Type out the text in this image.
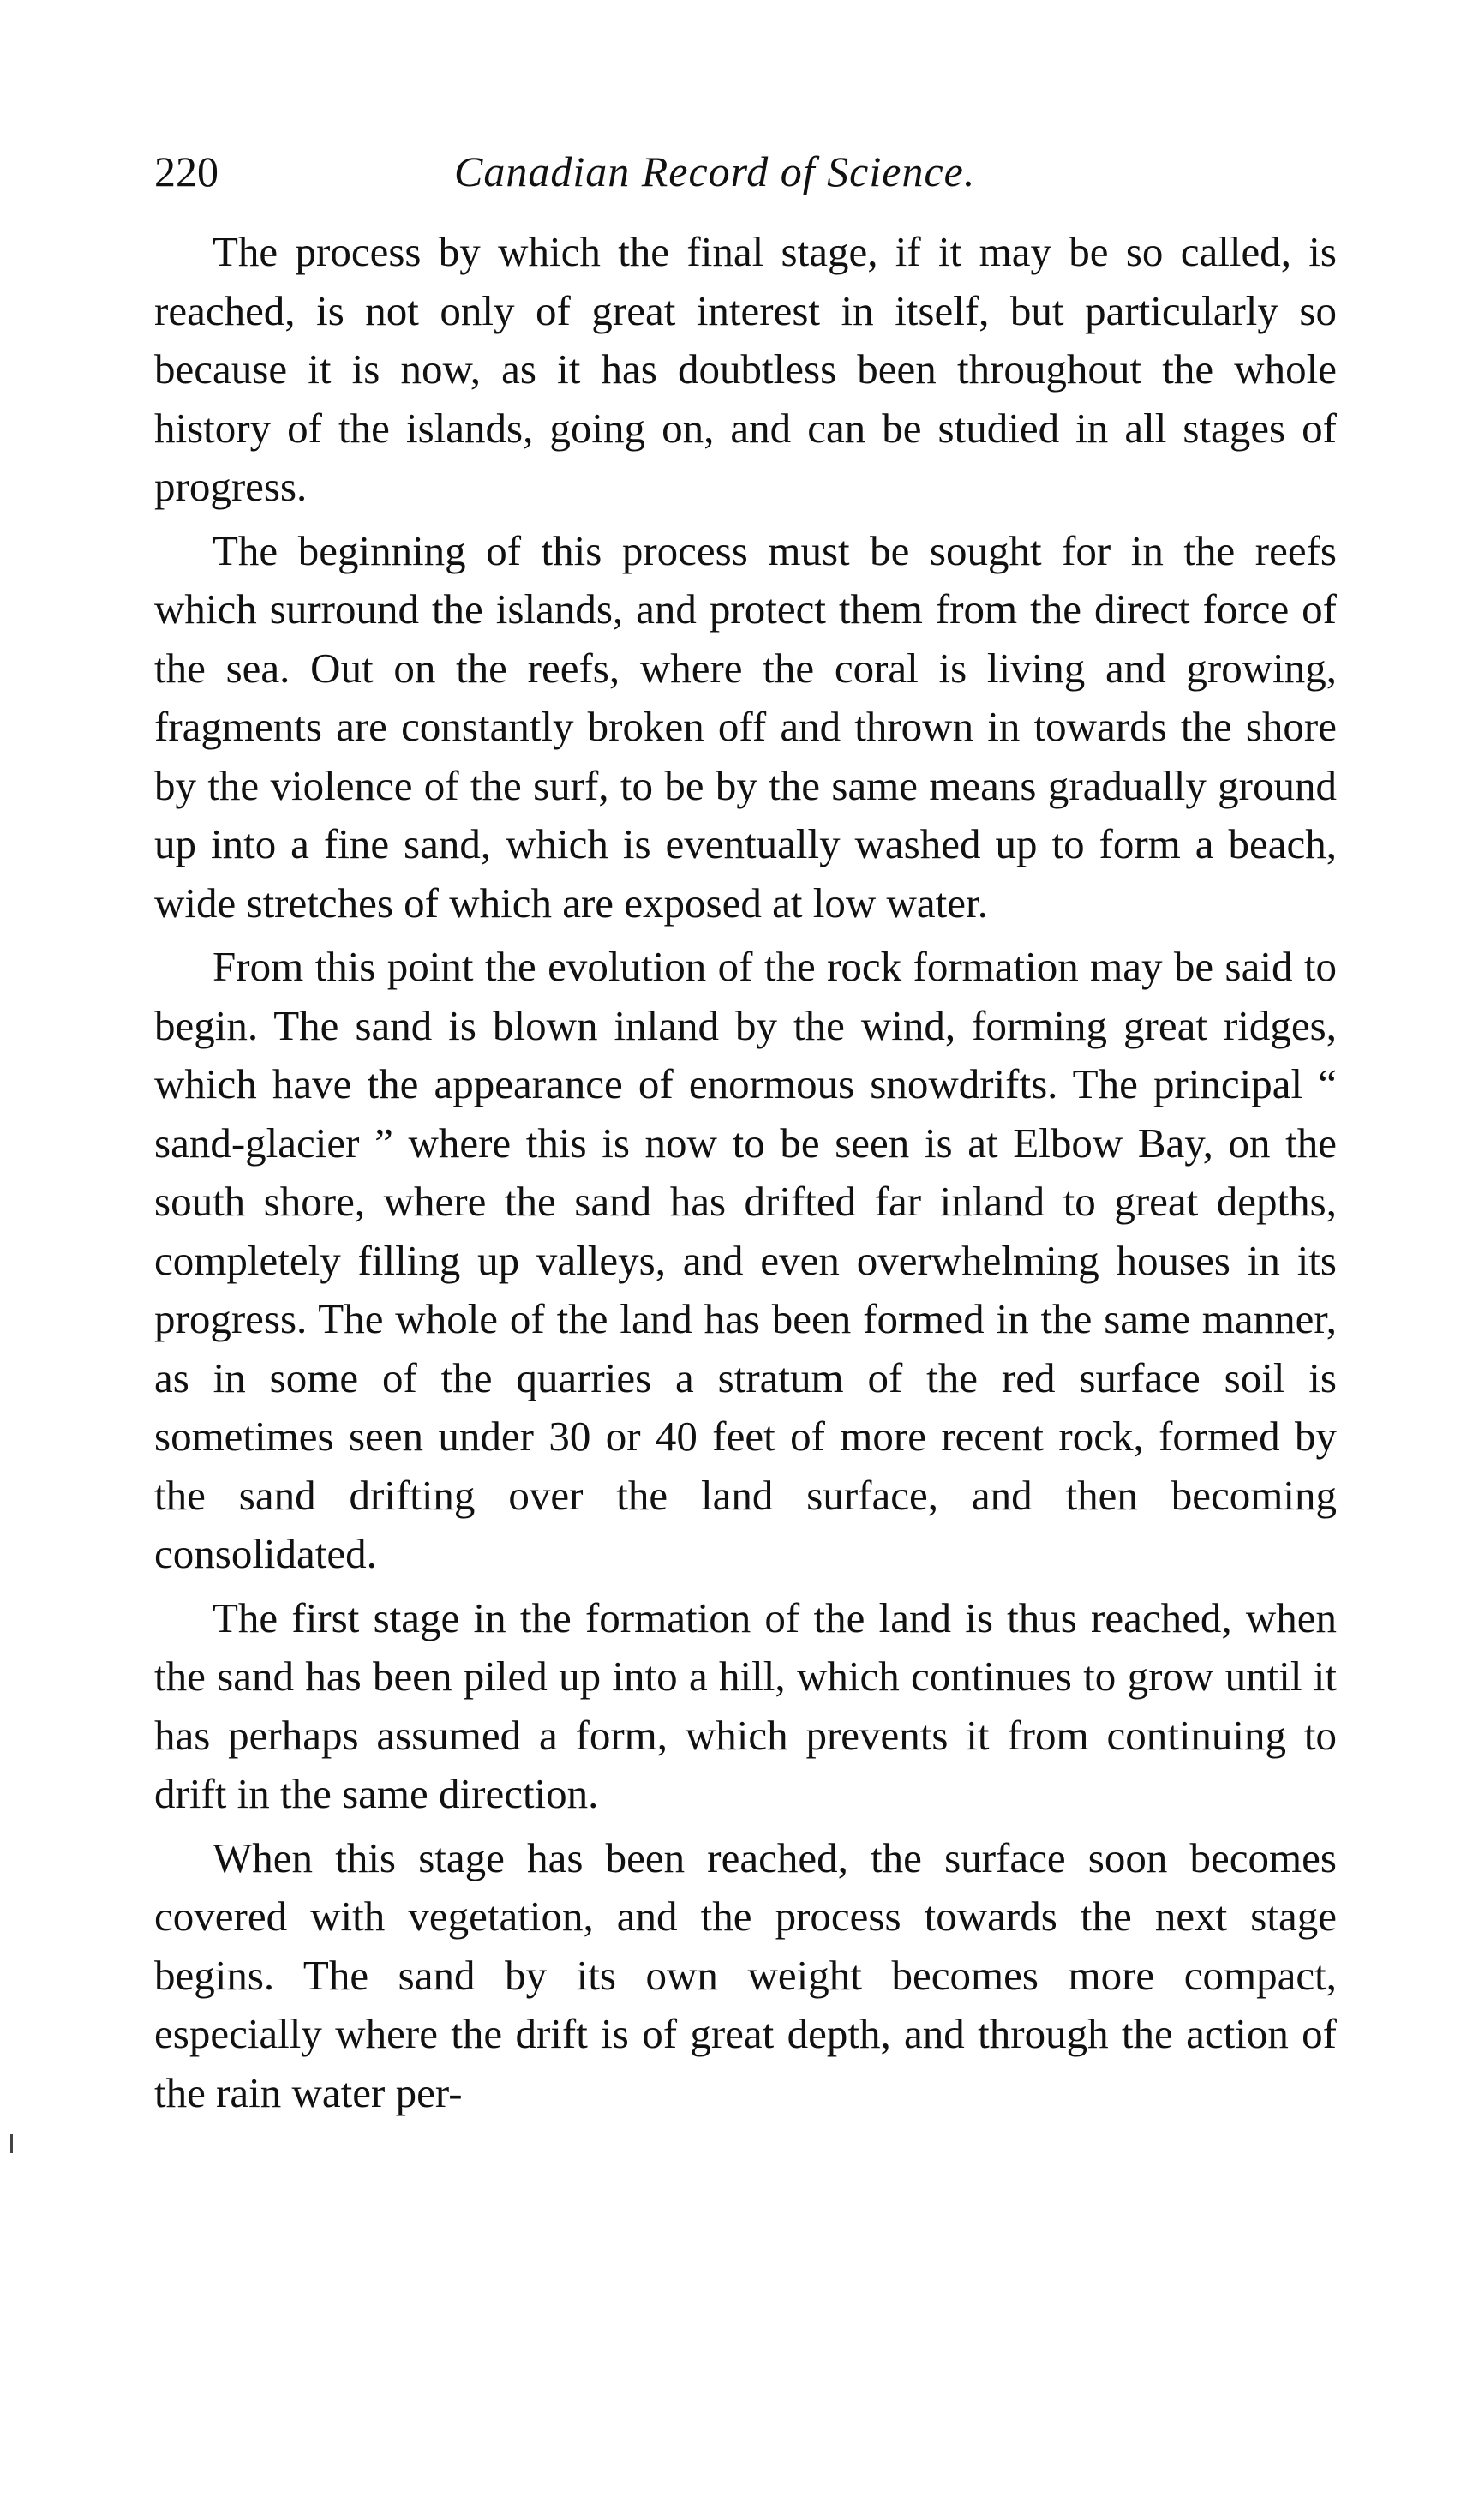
220	Canadian Record of Science.

The process by which the final stage, if it may be so called, is reached, is not only of great interest in itself, but particularly so because it is now, as it has doubtless been throughout the whole history of the islands, going on, and can be studied in all stages of progress.

The beginning of this process must be sought for in the reefs which surround the islands, and protect them from the direct force of the sea. Out on the reefs, where the coral is living and growing, fragments are constantly broken off and thrown in towards the shore by the violence of the surf, to be by the same means gradually ground up into a fine sand, which is eventually washed up to form a beach, wide stretches of which are exposed at low water.

From this point the evolution of the rock formation may be said to begin. The sand is blown inland by the wind, forming great ridges, which have the appearance of enormous snowdrifts. The principal “ sand-glacier ” where this is now to be seen is at Elbow Bay, on the south shore, where the sand has drifted far inland to great depths, completely filling up valleys, and even overwhelming houses in its progress. The whole of the land has been formed in the same manner, as in some of the quarries a stratum of the red surface soil is sometimes seen under 30 or 40 feet of more recent rock, formed by the sand drifting over the land surface, and then becoming consolidated.

The first stage in the formation of the land is thus reached, when the sand has been piled up into a hill, which continues to grow until it has perhaps assumed a form, which prevents it from continuing to drift in the same direction.

When this stage has been reached, the surface soon becomes covered with vegetation, and the process towards the next stage begins. The sand by its own weight becomes more compact, especially where the drift is of great depth, and through the action of the rain water per-
